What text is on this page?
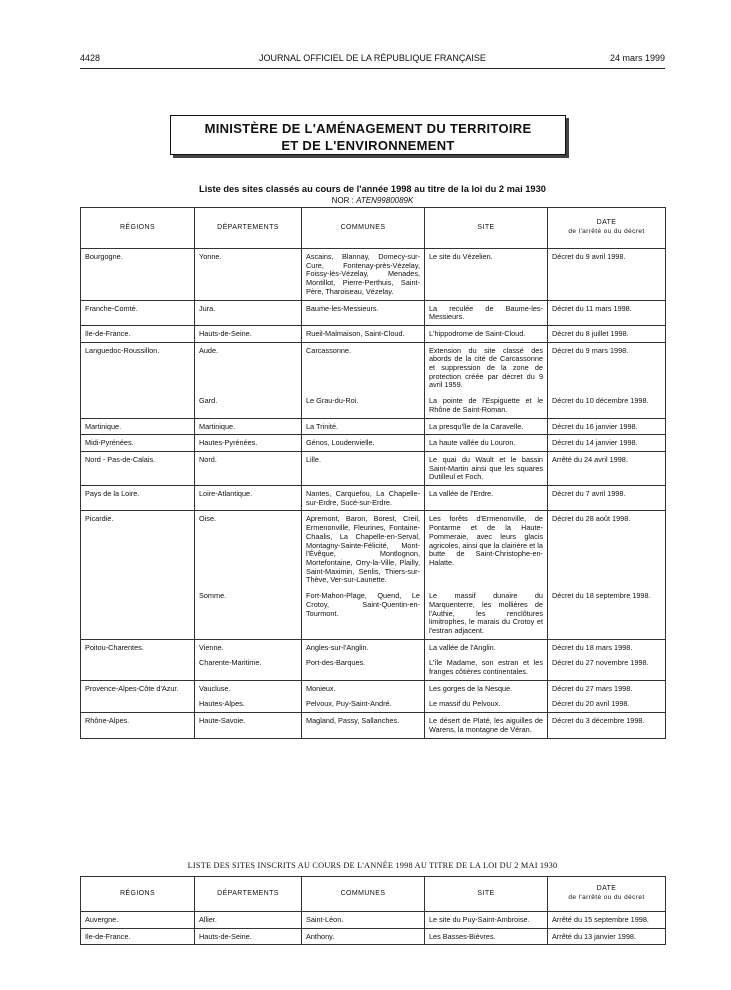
4428	JOURNAL OFFICIEL DE LA RÉPUBLIQUE FRANÇAISE	24 mars 1999
MINISTÈRE DE L'AMÉNAGEMENT DU TERRITOIRE
ET DE L'ENVIRONNEMENT
Liste des sites classés au cours de l'année 1998 au titre de la loi du 2 mai 1930
NOR : ATEN9980089K
RÉGIONS	DÉPARTEMENTS	COMMUNES	SITE	DATE
de l'arrêté ou du décret

Bourgogne.	Yonne.	Ascains, Blannay, Domecy-sur-Cure, Fontenay-près-Vézelay, Foissy-lès-Vézelay, Menades, Montillot, Pierre-Perthuis, Saint-Père, Tharoiseau, Vézelay.	Le site du Vézelien.	Décret du 9 avril 1998.
Franche-Comté.	Jura.	Baume-les-Messieurs.	La reculée de Baume-les-Messieurs.	Décret du 11 mars 1998.
Ile-de-France.	Hauts-de-Seine.	Rueil-Malmaison, Saint-Cloud.	L'hippodrome de Saint-Cloud.	Décret du 8 juillet 1998.
Languedoc-Roussillon.	Aude.	Carcassonne.	Extension du site classé des abords de la cité de Carcassonne et suppression de la zone de protection créée par décret du 9 avril 1959.	Décret du 9 mars 1998.
	Gard.	Le Grau-du-Roi.	La pointe de l'Espiguette et le Rhône de Saint-Roman.	Décret du 10 décembre 1998.
Martinique.	Martinique.	La Trinité.	La presqu'île de la Caravelle.	Décret du 16 janvier 1998.
Midi-Pyrénées.	Hautes-Pyrénées.	Génos, Loudenvielle.	La haute vallée du Louron.	Décret du 14 janvier 1998.
Nord - Pas-de-Calais.	Nord.	Lille.	Le quai du Wault et le bassin Saint-Martin ainsi que les squares Dutilleul et Foch.	Arrêté du 24 avril 1998.
Pays de la Loire.	Loire-Atlantique.	Nantes, Carquefou, La Chapelle-sur-Erdre, Sucé-sur-Erdre.	La vallée de l'Erdre.	Décret du 7 avril 1998.
Picardie.	Oise.	Apremont, Baron, Borest, Creil, Ermenonville, Fleurines, Fontaine-Chaalis, La Chapelle-en-Serval, Montagny-Sainte-Félicité, Mont-l'Évêque, Montlognon, Mortefontaine, Orry-la-Ville, Plailly, Saint-Maximin, Senlis, Thiers-sur-Thève, Ver-sur-Launette.	Les forêts d'Ermenonville, de Pontarme et de la Haute-Pommeraie, avec leurs glacis agricoles, ainsi que la clairière et la butte de Saint-Christophe-en-Halatte.	Décret du 28 août 1998.
	Somme.	Fort-Mahon-Plage, Quend, Le Crotoy, Saint-Quentin-en-Tourmont.	Le massif dunaire du Marquenterre, les mollières de l'Authie, les renclôtures limitrophes, le marais du Crotoy et l'estran adjacent.	Décret du 18 septembre 1998.
Poitou-Charentes.	Vienne.	Angles-sur-l'Anglin.	La vallée de l'Anglin.	Décret du 18 mars 1998.
	Charente-Maritime.	Port-des-Barques.	L'île Madame, son estran et les franges côtières continentales.	Décret du 27 novembre 1998.
Provence-Alpes-Côte d'Azur.	Vaucluse.	Monieux.	Les gorges de la Nesque.	Décret du 27 mars 1998.
	Hautes-Alpes.	Pelvoux, Puy-Saint-André.	Le massif du Pelvoux.	Décret du 20 avril 1998.
Rhône-Alpes.	Haute-Savoie.	Magland, Passy, Sallanches.	Le désert de Platé, les aiguilles de Warens, la montagne de Véran.	Décret du 3 décembre 1998.
LISTE DES SITES INSCRITS AU COURS DE L'ANNÉE 1998 AU TITRE DE LA LOI DU 2 MAI 1930
RÉGIONS	DÉPARTEMENTS	COMMUNES	SITE	DATE
de l'arrêté ou du décret

Auvergne.	Allier.	Saint-Léon.	Le site du Puy-Saint-Ambroise.	Arrêté du 15 septembre 1998.
Ile-de-France.	Hauts-de-Seine.	Anthony.	Les Basses-Bièvres.	Arrêté du 13 janvier 1998.
